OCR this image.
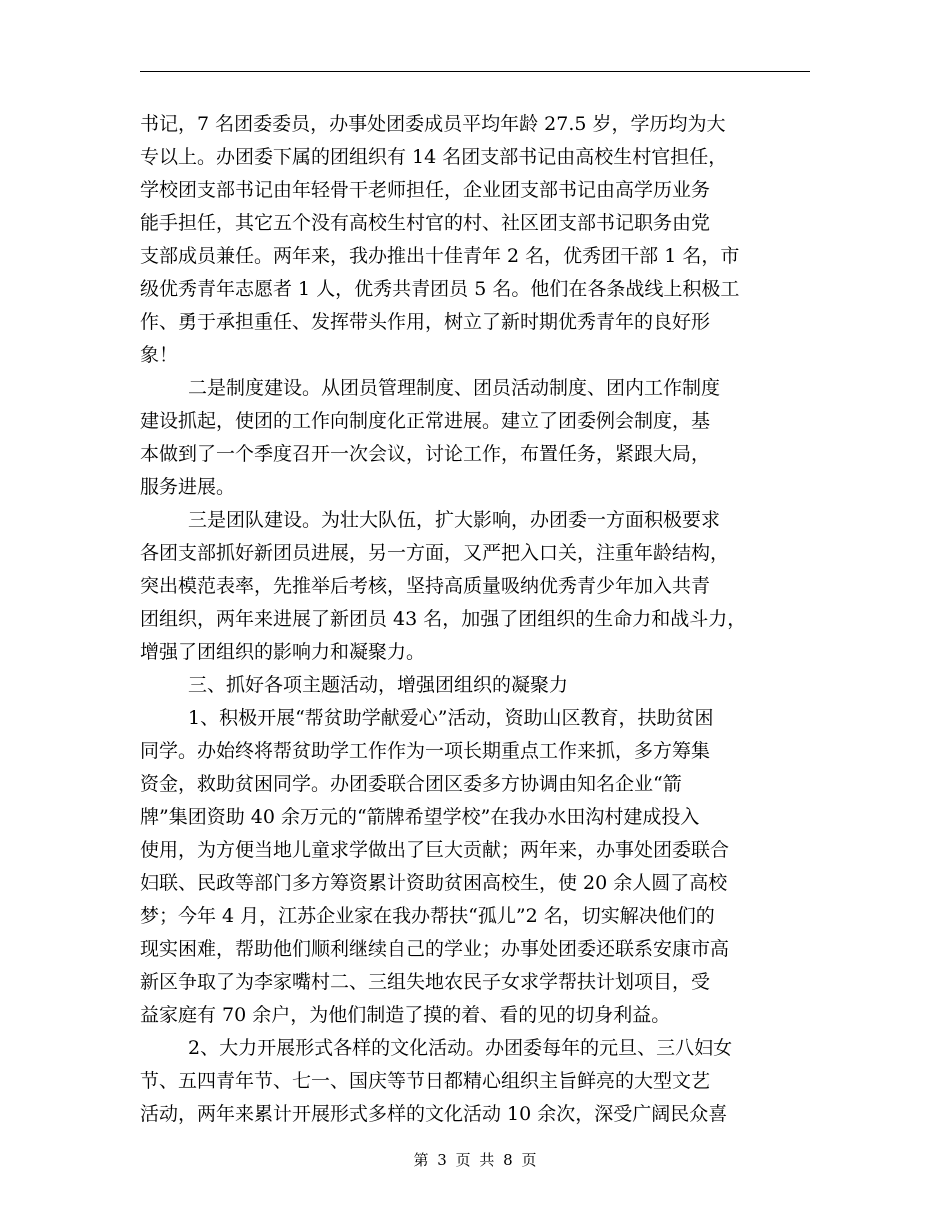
书记，7 名团委委员，办事处团委成员平均年龄 27.5 岁，学历均为大
专以上。办团委下属的团组织有 14 名团支部书记由高校生村官担任，
学校团支部书记由年轻骨干老师担任，企业团支部书记由高学历业务
能手担任，其它五个没有高校生村官的村、社区团支部书记职务由党
支部成员兼任。两年来，我办推出十佳青年 2 名，优秀团干部 1 名，市
级优秀青年志愿者 1 人，优秀共青团员 5 名。他们在各条战线上积极工
作、勇于承担重任、发挥带头作用，树立了新时期优秀青年的良好形
象！
二是制度建设。从团员管理制度、团员活动制度、团内工作制度
建设抓起，使团的工作向制度化正常进展。建立了团委例会制度，基
本做到了一个季度召开一次会议，讨论工作，布置任务，紧跟大局，
服务进展。
三是团队建设。为壮大队伍，扩大影响，办团委一方面积极要求
各团支部抓好新团员进展，另一方面，又严把入口关，注重年龄结构，
突出模范表率，先推举后考核，坚持高质量吸纳优秀青少年加入共青
团组织，两年来进展了新团员 43 名，加强了团组织的生命力和战斗力，
增强了团组织的影响力和凝聚力。
三、抓好各项主题活动，增强团组织的凝聚力
1、积极开展“帮贫助学献爱心”活动，资助山区教育，扶助贫困
同学。办始终将帮贫助学工作作为一项长期重点工作来抓，多方筹集
资金，救助贫困同学。办团委联合团区委多方协调由知名企业“箭
牌”集团资助 40 余万元的“箭牌希望学校”在我办水田沟村建成投入
使用，为方便当地儿童求学做出了巨大贡献；两年来，办事处团委联合
妇联、民政等部门多方筹资累计资助贫困高校生，使 20 余人圆了高校
梦；今年 4 月，江苏企业家在我办帮扶“孤儿”2 名，切实解决他们的
现实困难，帮助他们顺利继续自己的学业；办事处团委还联系安康市高
新区争取了为李家嘴村二、三组失地农民子女求学帮扶计划项目，受
益家庭有 70 余户，为他们制造了摸的着、看的见的切身利益。
2、大力开展形式各样的文化活动。办团委每年的元旦、三八妇女
节、五四青年节、七一、国庆等节日都精心组织主旨鲜亮的大型文艺
活动，两年来累计开展形式多样的文化活动 10 余次，深受广阔民众喜
第 3 页 共 8 页
